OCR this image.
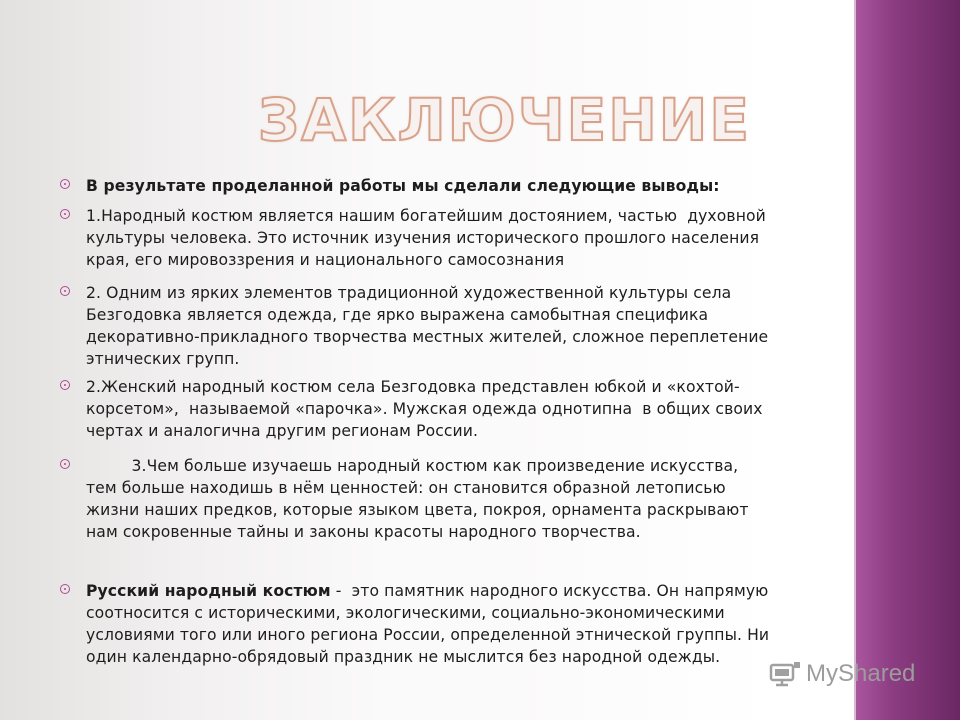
ЗАКЛЮЧЕНИЕ
В результате проделанной работы мы сделали следующие выводы:
1.Народный костюм является нашим богатейшим достоянием, частью  духовной
культуры человека. Это источник изучения исторического прошлого населения
края, его мировоззрения и национального самосознания
2. Одним из ярких элементов традиционной художественной культуры села
Безгодовка является одежда, где ярко выражена самобытная специфика
декоративно-прикладного творчества местных жителей, сложное переплетение
этнических групп.
2.Женский народный костюм села Безгодовка представлен юбкой и «кохтой-
корсетом»,  называемой «парочка». Мужская одежда однотипна  в общих своих
чертах и аналогична другим регионам России.
3.Чем больше изучаешь народный костюм как произведение искусства,
тем больше находишь в нём ценностей: он становится образной летописью
жизни наших предков, которые языком цвета, покроя, орнамента раскрывают
нам сокровенные тайны и законы красоты народного творчества.
Русский народный костюм -  это памятник народного искусства. Он напрямую
соотносится с историческими, экологическими, социально-экономическими
условиями того или иного региона России, определенной этнической группы. Ни
один календарно-обрядовый праздник не мыслится без народной одежды.
MyShared
